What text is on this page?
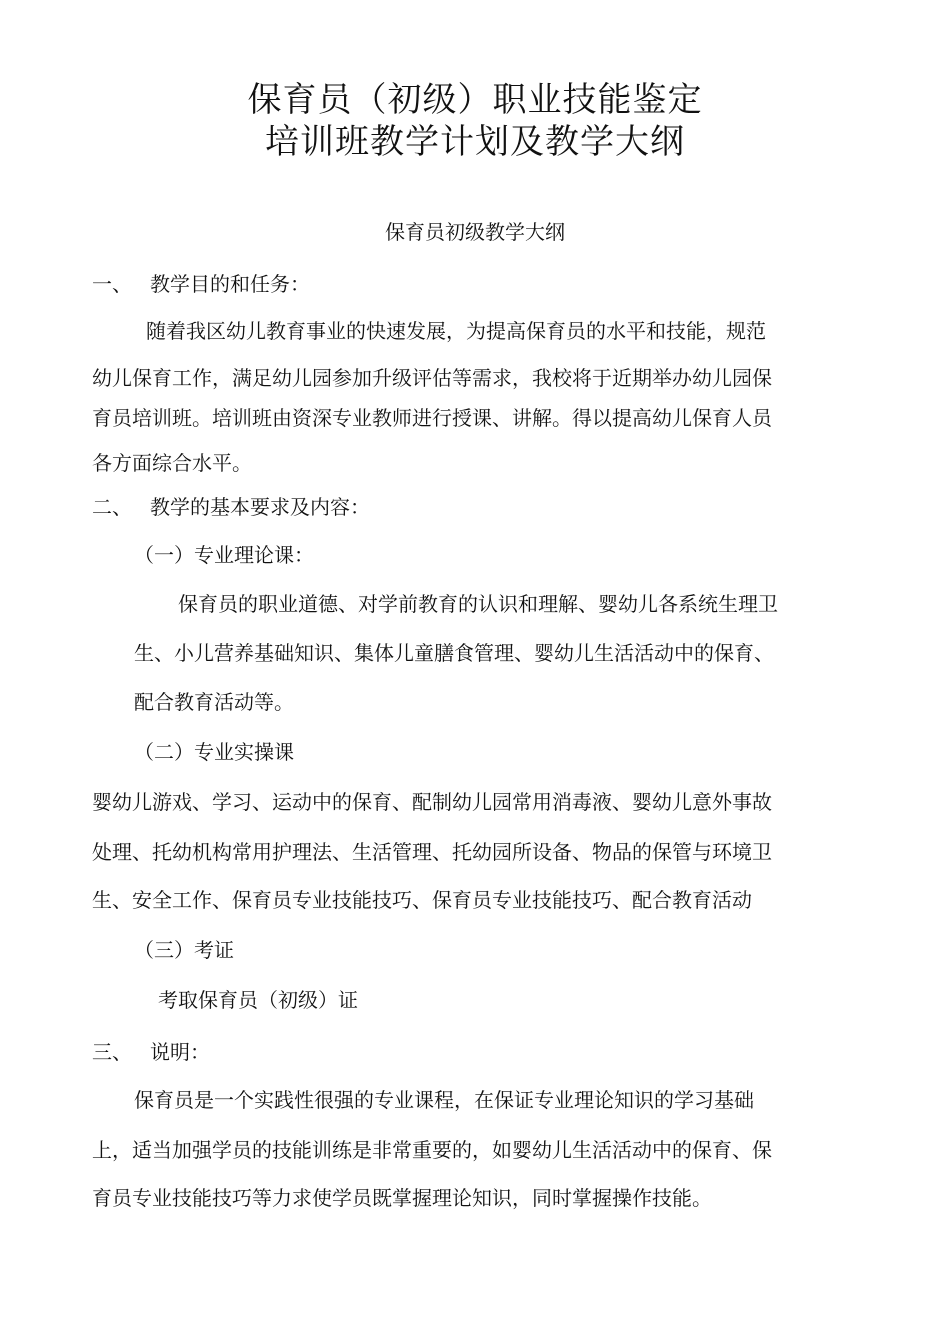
保育员（初级）职业技能鉴定
培训班教学计划及教学大纲
保育员初级教学大纲
一、 教学目的和任务：
随着我区幼儿教育事业的快速发展，为提高保育员的水平和技能，规范
幼儿保育工作，满足幼儿园参加升级评估等需求，我校将于近期举办幼儿园保
育员培训班。培训班由资深专业教师进行授课、讲解。得以提高幼儿保育人员
各方面综合水平。
二、 教学的基本要求及内容：
（一）专业理论课：
保育员的职业道德、对学前教育的认识和理解、婴幼儿各系统生理卫
生、小儿营养基础知识、集体儿童膳食管理、婴幼儿生活活动中的保育、
配合教育活动等。
（二）专业实操课
婴幼儿游戏、学习、运动中的保育、配制幼儿园常用消毒液、婴幼儿意外事故
处理、托幼机构常用护理法、生活管理、托幼园所设备、物品的保管与环境卫
生、安全工作、保育员专业技能技巧、保育员专业技能技巧、配合教育活动
（三）考证
考取保育员（初级）证
三、 说明：
保育员是一个实践性很强的专业课程，在保证专业理论知识的学习基础
上，适当加强学员的技能训练是非常重要的，如婴幼儿生活活动中的保育、保
育员专业技能技巧等力求使学员既掌握理论知识，同时掌握操作技能。
